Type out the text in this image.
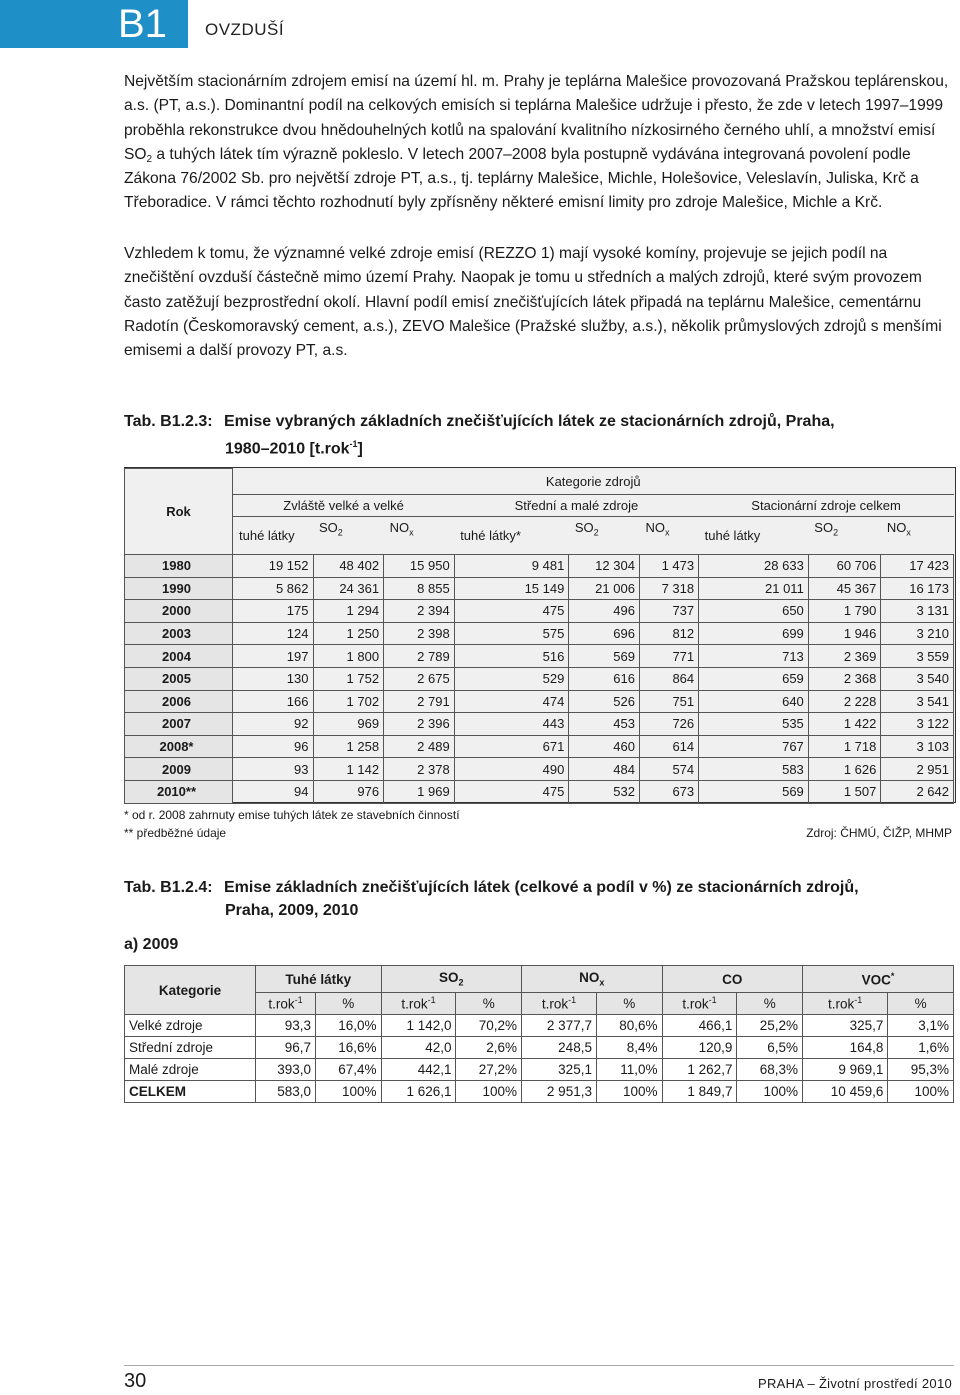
B1	OVZDUŠÍ

Největším stacionárním zdrojem emisí na území hl. m. Prahy je teplárna Malešice provozovaná Pražskou teplárenskou, a.s. (PT, a.s.). Dominantní podíl na celkových emisích si teplárna Malešice udržuje i přesto, že zde v letech 1997–1999 proběhla rekonstrukce dvou hnědouhelných kotlů na spalování kvalitního nízkosirného černého uhlí, a množství emisí $SO_2$ a tuhých látek tím výrazně pokleslo. V letech 2007–2008 byla postupně vydávána integrovaná povolení podle Zákona 76/2002 Sb. pro největší zdroje PT, a.s., tj. teplárny Malešice, Michle, Holešovice, Veleslavín, Juliska, Krč a Třeboradice. V rámci těchto rozhodnutí byly zpřísněny některé emisní limity pro zdroje Malešice, Michle a Krč.

Vzhledem k tomu, že významné velké zdroje emisí (REZZO 1) mají vysoké komíny, projevuje se jejich podíl na znečištění ovzduší částečně mimo území Prahy. Naopak je tomu u středních a malých zdrojů, které svým provozem často zatěžují bezprostřední okolí. Hlavní podíl emisí znečišťujících látek připadá na teplárnu Malešice, cementárnu Radotín (Českomoravský cement, a.s.), ZEVO Malešice (Pražské služby, a.s.), několik průmyslových zdrojů s menšími emisemi a další provozy PT, a.s.

Tab. B1.2.3: Emise vybraných základních znečišťujících látek ze stacionárních zdrojů, Praha,
1980–2010 [t.rok$^{-1}$]
Rok	Kategorie zdrojů								
	Zvláště velké a velké			Střední a malé zdroje			Stacionární zdroje celkem		
	tuhé látky	$SO_2$	$NO_x$	tuhé látky*	$SO_2$	$NO_x$	tuhé látky	$SO_2$	$NO_x$
1980	19 152	48 402	15 950	9 481	12 304	1 473	28 633	60 706	17 423
1990	5 862	24 361	8 855	15 149	21 006	7 318	21 011	45 367	16 173
2000	175	1 294	2 394	475	496	737	650	1 790	3 131
2003	124	1 250	2 398	575	696	812	699	1 946	3 210
2004	197	1 800	2 789	516	569	771	713	2 369	3 559
2005	130	1 752	2 675	529	616	864	659	2 368	3 540
2006	166	1 702	2 791	474	526	751	640	2 228	3 541
2007	92	969	2 396	443	453	726	535	1 422	3 122
2008*	96	1 258	2 489	671	460	614	767	1 718	3 103
2009	93	1 142	2 378	490	484	574	583	1 626	2 951
2010**	94	976	1 969	475	532	673	569	1 507	2 642
* od r. 2008 zahrnuty emise tuhých látek ze stavebních činností
** předběžné údaje	Zdroj: ČHMÚ, ČIŽP, MHMP
Tab. B1.2.4: Emise základních znečišťujících látek (celkové a podíl v %) ze stacionárních zdrojů,
Praha, 2009, 2010
a) 2009
Kategorie	Tuhé látky		$SO_2$		$NO_x$		CO		VOC*
	t.rok$^{-1}$	%	t.rok$^{-1}$	%	t.rok$^{-1}$	%	t.rok$^{-1}$	%	t.rok$^{-1}$	%
Velké zdroje	93,3	16,0%	1 142,0	70,2%	2 377,7	80,6%	466,1	25,2%	325,7	3,1%
Střední zdroje	96,7	16,6%	42,0	2,6%	248,5	8,4%	120,9	6,5%	164,8	1,6%
Malé zdroje	393,0	67,4%	442,1	27,2%	325,1	11,0%	1 262,7	68,3%	9 969,1	95,3%
CELKEM	583,0	100%	1 626,1	100%	2 951,3	100%	1 849,7	100%	10 459,6	100%
30	PRAHA – Životní prostředí 2010
